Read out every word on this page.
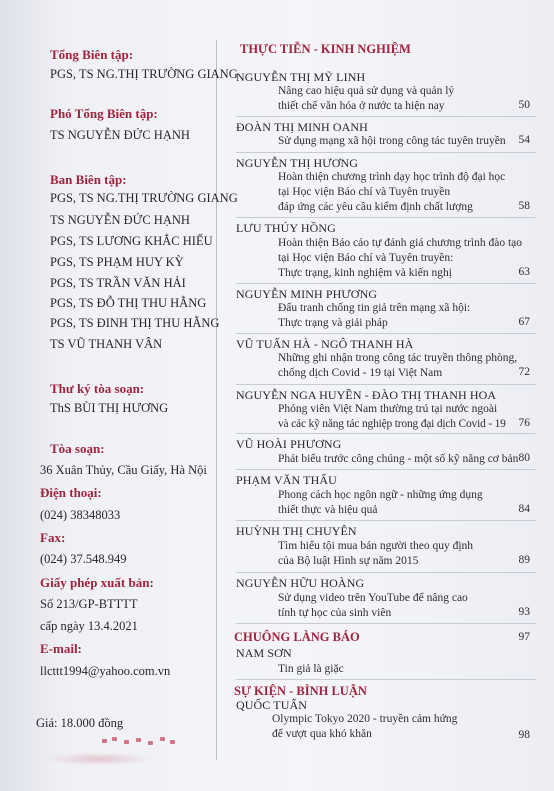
Tổng Biên tập:
PGS, TS NG.THỊ TRƯỜNG GIANG
Phó Tổng Biên tập:
TS NGUYỄN ĐỨC HẠNH
Ban Biên tập:
PGS, TS NG.THỊ TRƯỜNG GIANG
TS NGUYỄN ĐỨC HẠNH
PGS, TS LƯƠNG KHẮC HIẾU
PGS, TS PHẠM HUY KỲ
PGS, TS TRẦN VĂN HẢI
PGS, TS ĐỖ THỊ THU HẰNG
PGS, TS ĐINH THỊ THU HẰNG
TS VŨ THANH VÂN
Thư ký tòa soạn:
ThS BÙI THỊ HƯƠNG
Tòa soạn:
36 Xuân Thủy, Cầu Giấy, Hà Nội
Điện thoại:
(024) 38348033
Fax:
(024) 37.548.949
Giấy phép xuất bản:
Số 213/GP-BTTTT
cấp ngày 13.4.2021
E-mail:
llcttt1994@yahoo.com.vn
Giá: 18.000 đồng
THỰC TIỄN - KINH NGHIỆM
NGUYỄN THỊ MỸ LINH
Nâng cao hiệu quả sử dụng và quản lý
thiết chế văn hóa ở nước ta hiện nay	50
ĐOÀN THỊ MINH OANH
Sử dụng mạng xã hội trong công tác tuyên truyền 54
NGUYỄN THỊ HƯƠNG
Hoàn thiện chương trình dạy học trình độ đại học
tại Học viện Báo chí và Tuyên truyền
đáp ứng các yêu cầu kiểm định chất lượng	58
LƯU THÚY HỒNG
Hoàn thiện Báo cáo tự đánh giá chương trình đào tạo
tại Học viện Báo chí và Tuyên truyền:
Thực trạng, kinh nghiệm và kiến nghị	63
NGUYỄN MINH PHƯƠNG
Đấu tranh chống tin giả trên mạng xã hội:
Thực trạng và giải pháp	67
VŨ TUẤN HÀ - NGÔ THANH HÀ
Những ghi nhận trong công tác truyền thông phòng,
chống dịch Covid - 19 tại Việt Nam	72
NGUYỄN NGA HUYỀN - ĐÀO THỊ THANH HOA
Phóng viên Việt Nam thường trú tại nước ngoài
và các kỹ năng tác nghiệp trong đại dịch Covid - 19 76
VŨ HOÀI PHƯƠNG
Phát biểu trước công chúng - một số kỹ năng cơ bản 80
PHẠM VĂN THẤU
Phong cách học ngôn ngữ - những ứng dụng
thiết thực và hiệu quả	84
HUỲNH THỊ CHUYÊN
Tìm hiểu tội mua bán người theo quy định
của Bộ luật Hình sự năm 2015	89
NGUYỄN HỮU HOÀNG
Sử dụng video trên YouTube để nâng cao
tính tự học của sinh viên	93
CHUÔNG LÀNG BÁO	97
NAM SƠN
Tin giả là giặc
SỰ KIỆN - BÌNH LUẬN
QUỐC TUẤN
Olympic Tokyo 2020 - truyền cảm hứng
để vượt qua khó khăn	98
